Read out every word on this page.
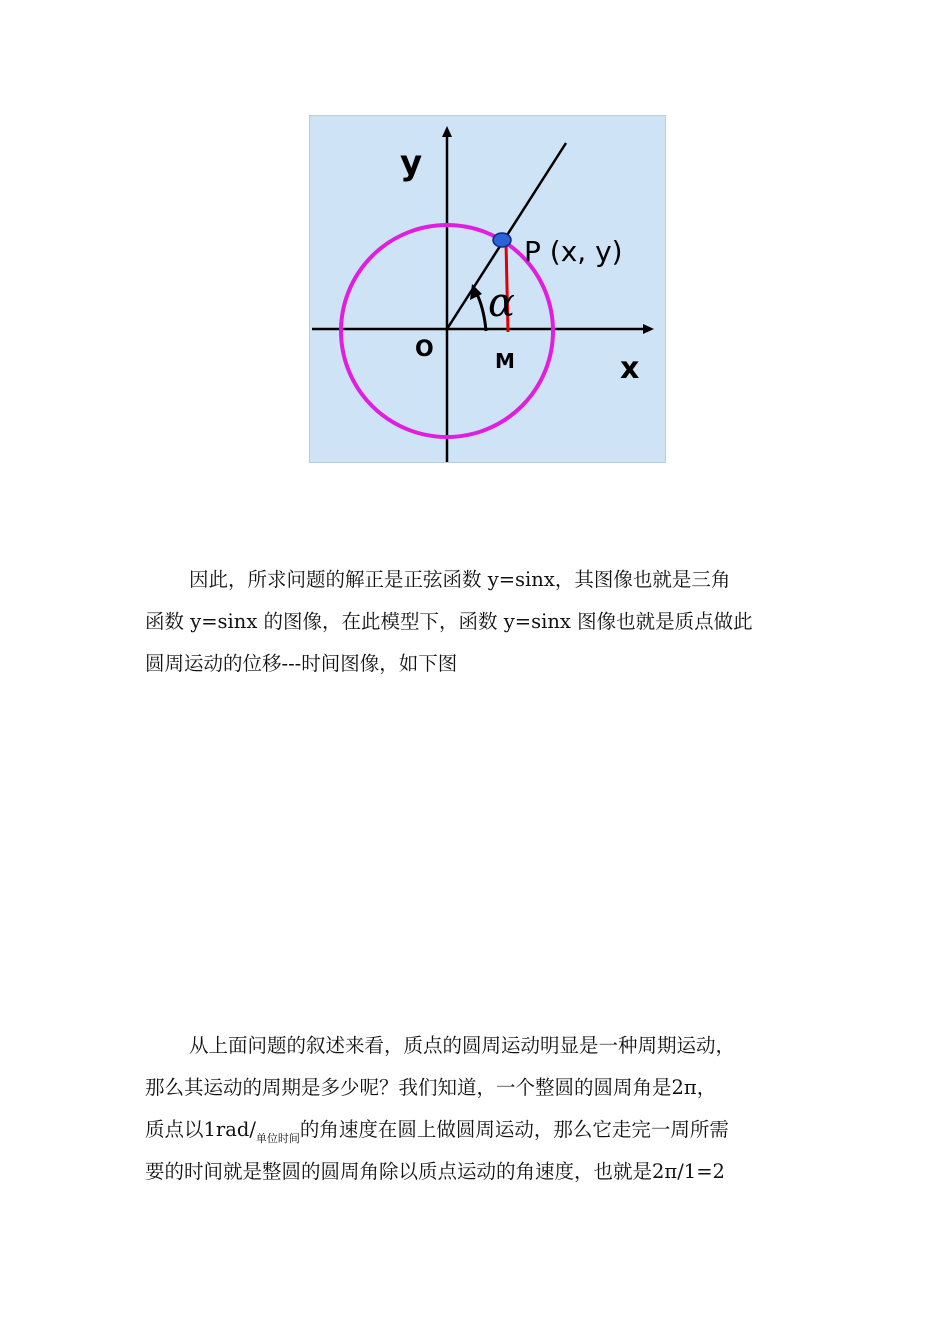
y
x
O	M
P (x, y)
α
因此，所求问题的解正是正弦函数 y=sinx，其图像也就是三角
函数 y=sinx 的图像，在此模型下，函数 y=sinx 图像也就是质点做此
圆周运动的位移---时间图像，如下图
从上面问题的叙述来看，质点的圆周运动明显是一种周期运动，
那么其运动的周期是多少呢？我们知道，一个整圆的圆周角是2π，
质点以$1rad/_{单位时间}$的角速度在圆上做圆周运动，那么它走完一周所需
要的时间就是整圆的圆周角除以质点运动的角速度，也就是2π/1=2
